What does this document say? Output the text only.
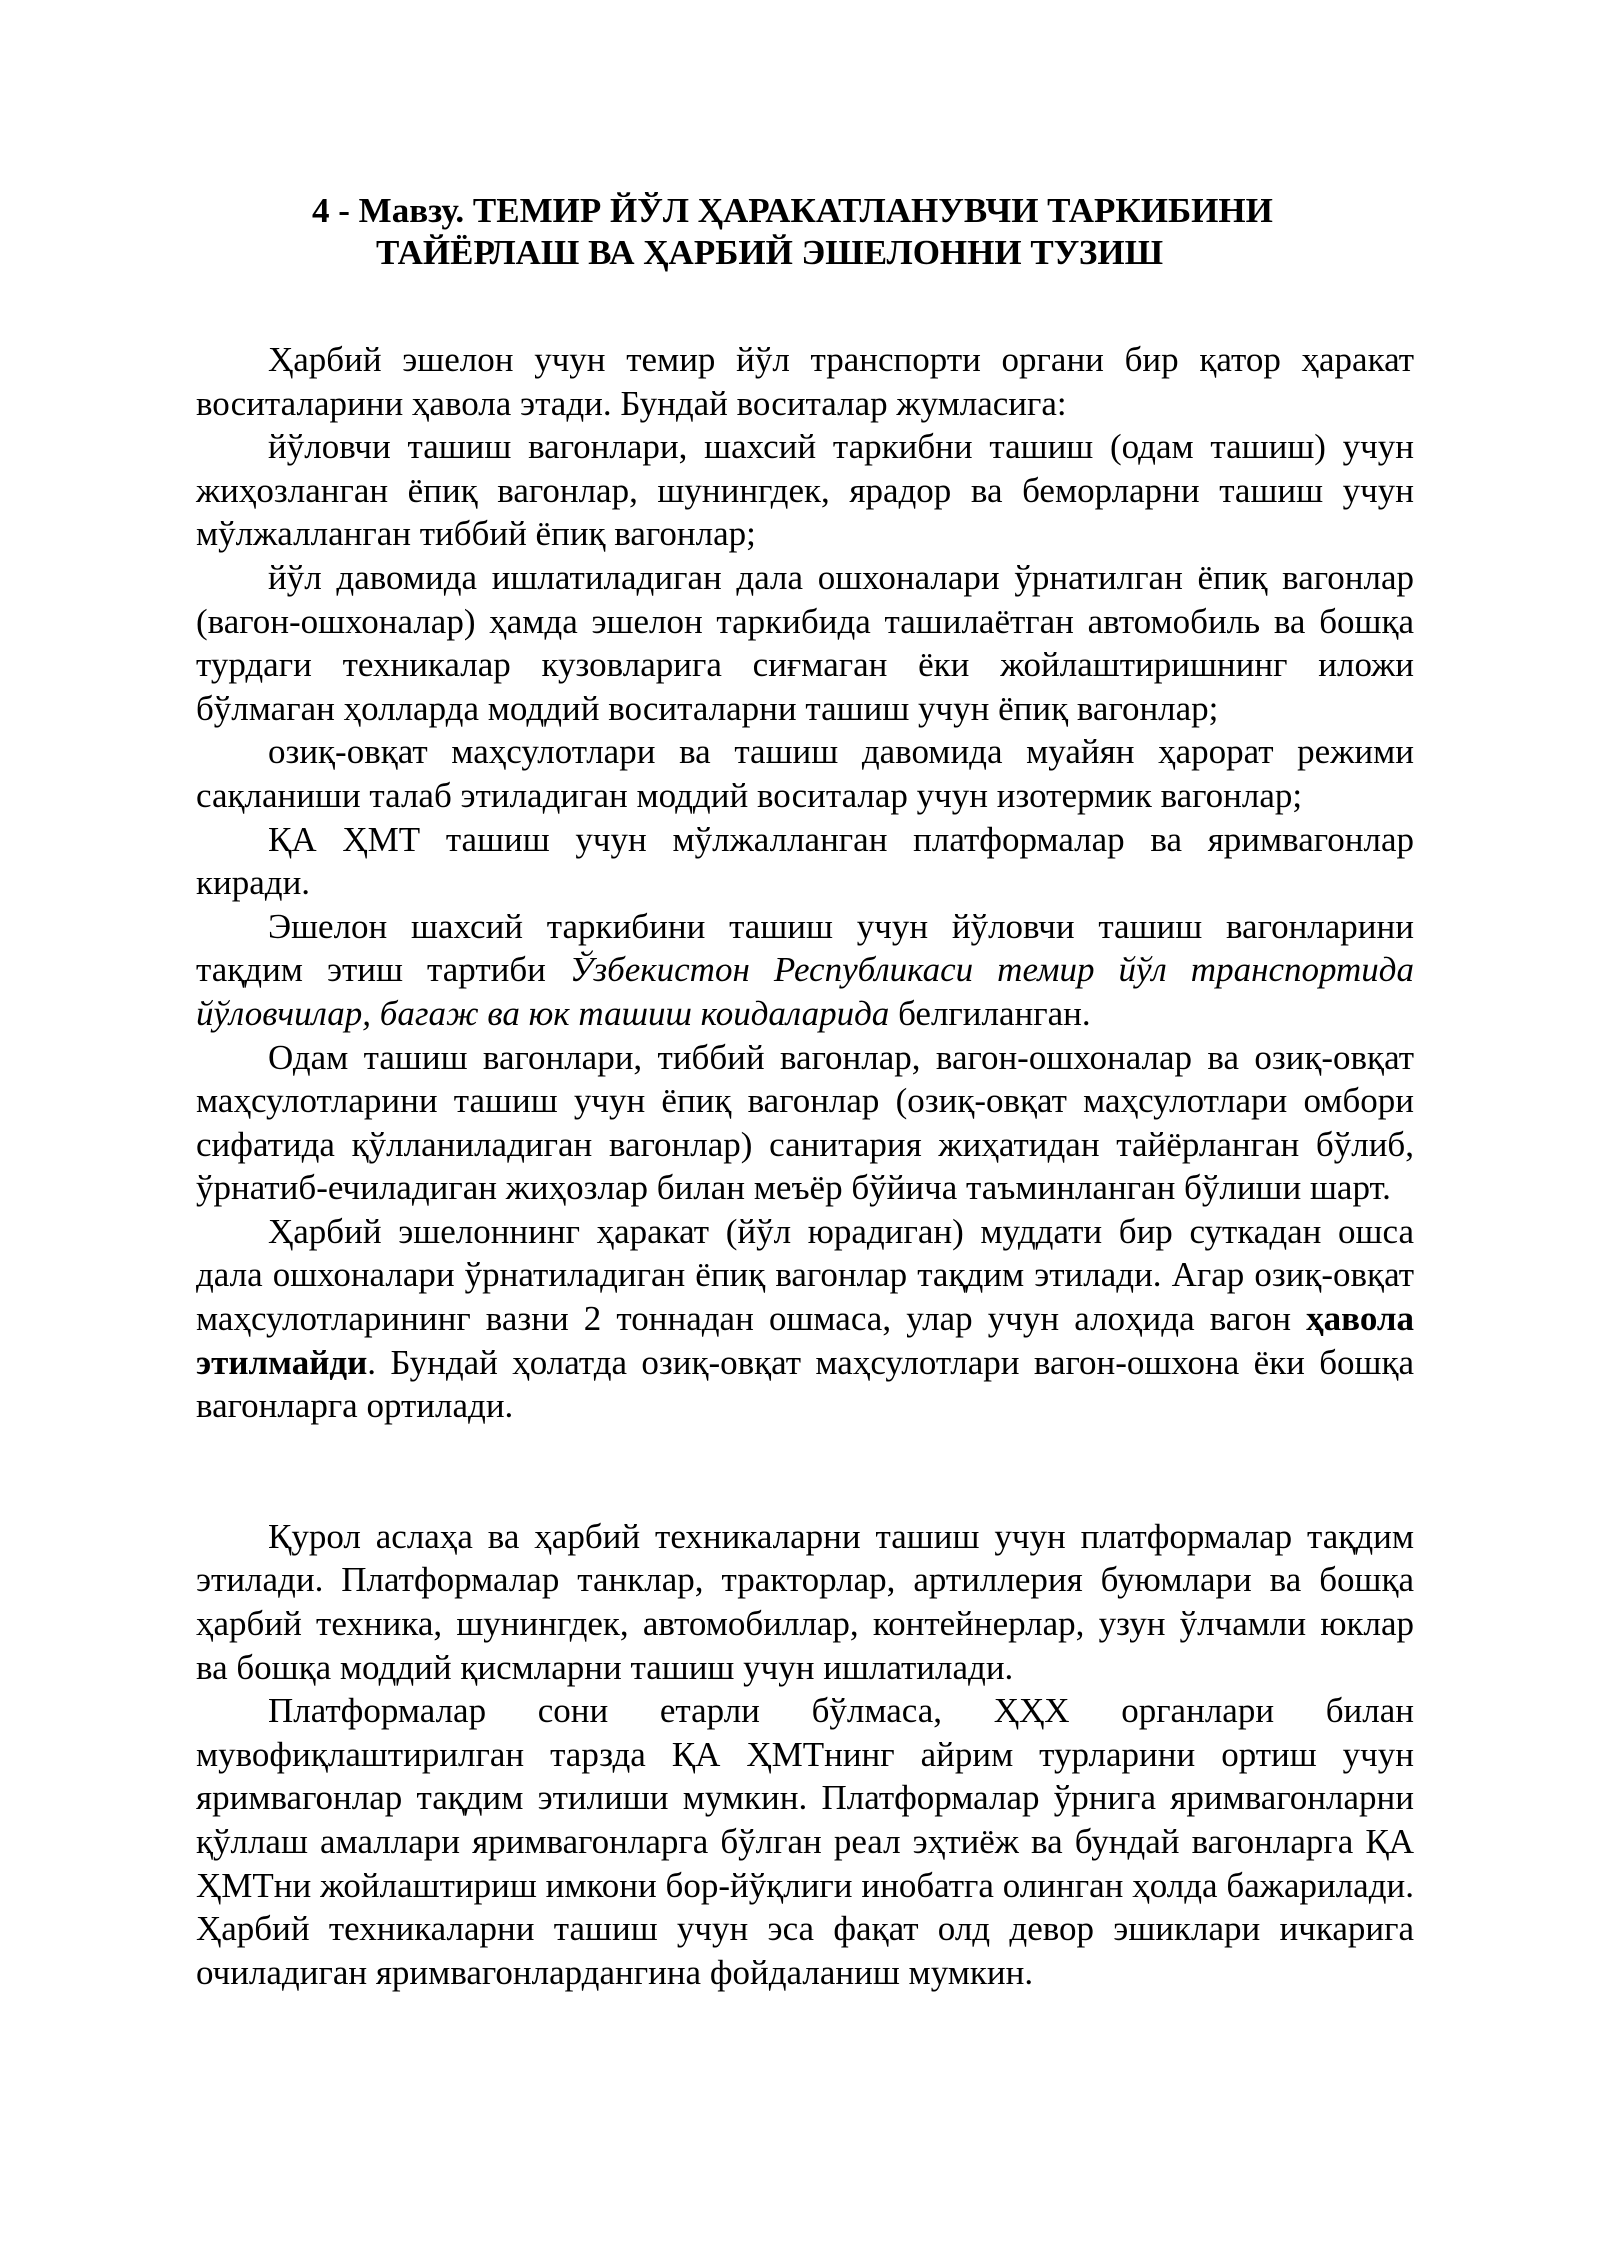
4 - Мавзу. ТЕМИР ЙЎЛ ҲАРАКАТЛАНУВЧИ ТАРКИБИНИ
ТАЙЁРЛАШ ВА ҲАРБИЙ ЭШЕЛОННИ ТУЗИШ

Ҳарбий эшелон учун темир йўл транспорти органи бир қатор ҳаракат воситаларини ҳавола этади. Бундай воситалар жумласига:

йўловчи ташиш вагонлари, шахсий таркибни ташиш (одам ташиш) учун жиҳозланган ёпиқ вагонлар, шунингдек, ярадор ва беморларни ташиш учун мўлжалланган тиббий ёпиқ вагонлар;

йўл давомида ишлатиладиган дала ошхоналари ўрнатилган ёпиқ вагонлар (вагон-ошхоналар) ҳамда эшелон таркибида ташилаётган автомобиль ва бошқа турдаги техникалар кузовларига сиғмаган ёки жойлаштиришнинг иложи бўлмаган ҳолларда моддий воситаларни ташиш учун ёпиқ вагонлар;

озиқ-овқат маҳсулотлари ва ташиш давомида муайян ҳарорат режими сақланиши талаб этиладиган моддий воситалар учун изотермик вагонлар;

ҚА ҲМТ ташиш учун мўлжалланган платформалар ва яримвагонлар киради.

Эшелон шахсий таркибини ташиш учун йўловчи ташиш вагонларини тақдим этиш тартиби Ўзбекистон Республикаси темир йўл транспортида йўловчилар, багаж ва юк ташиш коидаларида белгиланган.

Одам ташиш вагонлари, тиббий вагонлар, вагон-ошхоналар ва озиқ-овқат маҳсулотларини ташиш учун ёпиқ вагонлар (озиқ-овқат маҳсулотлари омбори сифатида қўлланиладиган вагонлар) санитария жиҳатидан тайёрланган бўлиб, ўрнатиб-ечиладиган жиҳозлар билан меъёр бўйича таъминланган бўлиши шарт.

Ҳарбий эшелоннинг ҳаракат (йўл юрадиган) муддати бир суткадан ошса дала ошхоналари ўрнатиладиган ёпиқ вагонлар тақдим этилади. Агар озиқ-овқат маҳсулотларининг вазни 2 тоннадан ошмаса, улар учун алоҳида вагон ҳавола этилмайди. Бундай ҳолатда озиқ-овқат маҳсулотлари вагон-ошхона ёки бошқа вагонларга ортилади.

Қурол аслаҳа ва ҳарбий техникаларни ташиш учун платформалар тақдим этилади. Платформалар танклар, тракторлар, артиллерия буюмлари ва бошқа ҳарбий техника, шунингдек, автомобиллар, контейнерлар, узун ўлчамли юклар ва бошқа моддий қисмларни ташиш учун ишлатилади.

Платформалар сони етарли бўлмаса, ҲҲХ органлари билан мувофиқлаштирилган тарзда ҚА ҲМТнинг айрим турларини ортиш учун яримвагонлар тақдим этилиши мумкин. Платформалар ўрнига яримвагонларни қўллаш амаллари яримвагонларга бўлган реал эҳтиёж ва бундай вагонларга ҚА ҲМТни жойлаштириш имкони бор-йўқлиги инобатга олинган ҳолда бажарилади. Ҳарбий техникаларни ташиш учун эса фақат олд девор эшиклари ичкарига очиладиган яримвагонлардангина фойдаланиш мумкин.
